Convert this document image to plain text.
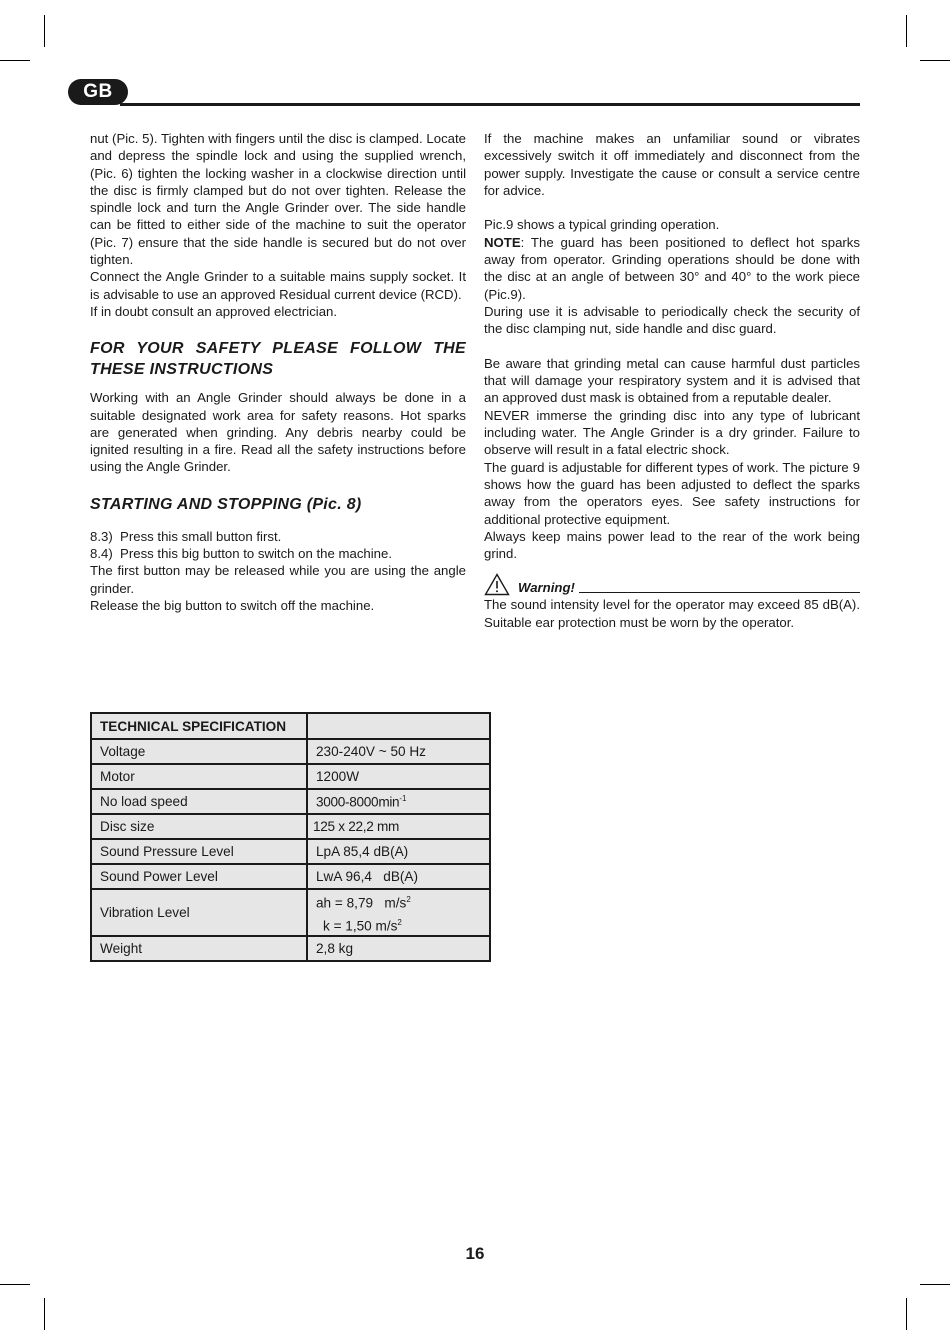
GB

nut (Pic. 5). Tighten with fingers until the disc is clamped. Locate and depress the spindle lock and using the supplied wrench, (Pic. 6) tighten the locking washer in a clockwise direction until the disc is firmly clamped but do not over tighten. Release the spindle lock and turn the Angle Grinder over. The side handle can be fitted to either side of the machine to suit the operator (Pic. 7) ensure that the side handle is secured but do not over tighten.

Connect the Angle Grinder to a suitable mains supply socket. It is advisable to use an approved Residual current device (RCD).

If in doubt consult an approved electrician.

FOR YOUR SAFETY PLEASE FOLLOW THE THESE INSTRUCTIONS

Working with an Angle Grinder should always be done in a suitable designated work area for safety reasons. Hot sparks are generated when grinding. Any debris nearby could be ignited resulting in a fire. Read all the safety instructions before using the Angle Grinder.

STARTING AND STOPPING (Pic. 8)

8.3)  Press this small button first.

8.4)  Press this big button to switch on the machine.

The first button may be released while you are using the angle grinder.

Release the big button to switch off the machine.

If the machine makes an unfamiliar sound or vibrates excessively switch it off immediately and disconnect from the power supply. Investigate the cause or consult a service centre for advice.

Pic.9 shows a typical grinding operation.

NOTE: The guard has been positioned to deflect hot sparks away from operator. Grinding operations should be done with the disc at an angle of between 30° and 40° to the work piece (Pic.9).

During use it is advisable to periodically check the security of the disc clamping nut, side handle and disc guard.

Be aware that grinding metal can cause harmful dust particles that will damage your respiratory system and it is advised that an approved dust mask is obtained from a reputable dealer.

NEVER immerse the grinding disc into any type of lubricant including water. The Angle Grinder is a dry grinder. Failure to observe will result in a fatal electric shock.

The guard is adjustable for different types of work. The picture 9 shows how the guard has been adjusted to deflect the sparks away from the operators eyes. See safety instructions for additional protective equipment.

Always keep mains power lead to the rear of the work being grind.

Warning!

The sound intensity level for the operator may exceed 85 dB(A). Suitable ear protection must be worn by the operator.

TECHNICAL SPECIFICATION	
Voltage	230-240V ~ 50 Hz
Motor	1200W
No load speed	$3000-8000\min^{-1}$
Disc size	125 x 22,2 mm
Sound Pressure Level	LpA 85,4 dB(A)
Sound Power Level	LwA 96,4   dB(A)
Vibration Level	ah = 8,79   $m/s^2$
k = 1,50 $m/s^2$

Weight	2,8 kg
16
